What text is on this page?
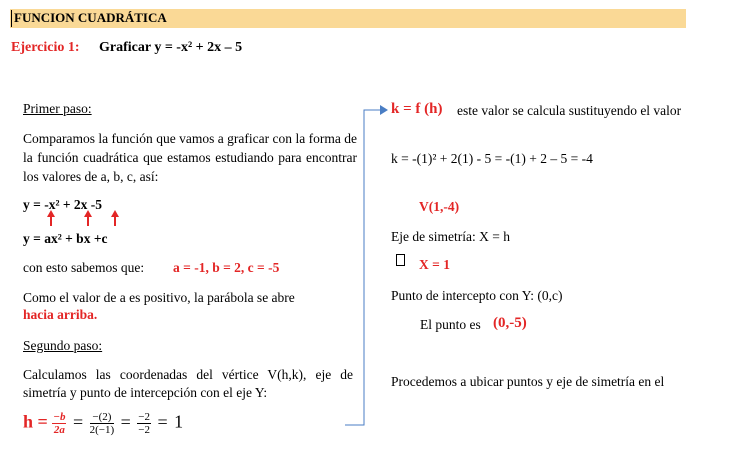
FUNCION CUADRÁTICA
Ejercicio 1: Graficar y = -x² + 2x – 5
Primer paso:
Comparamos la función que vamos a graficar con la forma de la función cuadrática que estamos estudiando para encontrar los valores de a, b, c, así:
y = -x² + 2x -5
y = ax² + bx +c
con esto sabemos que: a = -1, b = 2, c = -5
Como el valor de a es positivo, la parábola se abre
hacia arriba.
Segundo paso:
Calculamos las coordenadas del vértice V(h,k), eje de simetría y punto de intercepción con el eje Y:
$h = \frac{-b}{2a} = \frac{-(2)}{2(-1)} = \frac{-2}{-2} = 1$
k = f (h) este valor se calcula sustituyendo el valor
k = -(1)² + 2(1) - 5 = -(1) + 2 – 5 = -4
V(1,-4)
Eje de simetría: X = h
X = 1
Punto de intercepto con Y: (0,c)
El punto es (0,-5)
Procedemos a ubicar puntos y eje de simetría en el
